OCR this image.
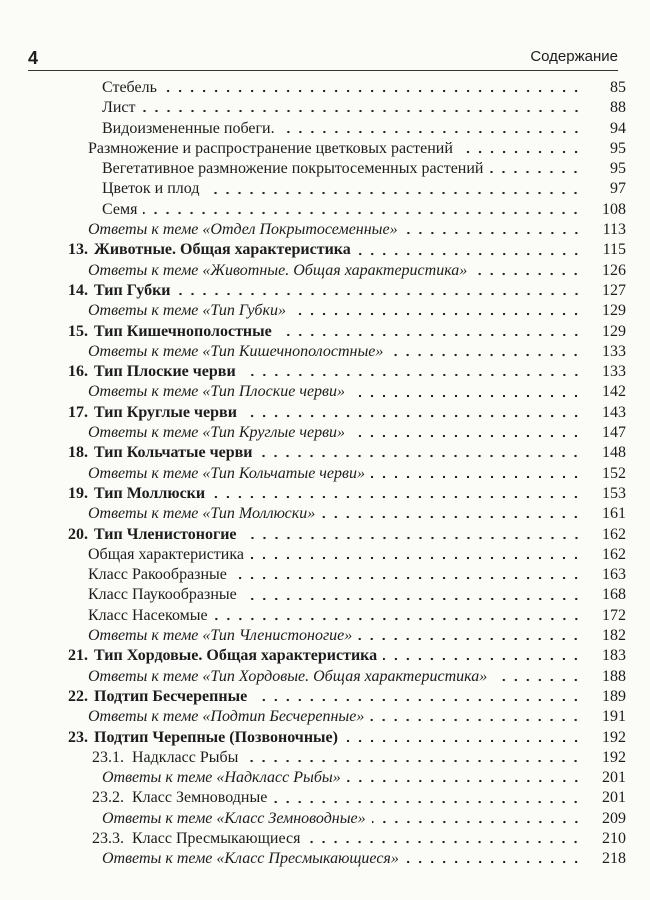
4	Содержание
Стебель	85
Лист	88
Видоизмененные побеги.	94
Размножение и распространение цветковых растений	95
Вегетативное размножение покрытосеменных растений	95
Цветок и плод	97
Семя	108
Ответы к теме «Отдел Покрытосеменные»	113
13. Животные. Общая характеристика	115
Ответы к теме «Животные. Общая характеристика»	126
14. Тип Губки	127
Ответы к теме «Тип Губки»	129
15. Тип Кишечнополостные	129
Ответы к теме «Тип Кишечнополостные»	133
16. Тип Плоские черви	133
Ответы к теме «Тип Плоские черви»	142
17. Тип Круглые черви	143
Ответы к теме «Тип Круглые черви»	147
18. Тип Кольчатые черви	148
Ответы к теме «Тип Кольчатые черви»	152
19. Тип Моллюски	153
Ответы к теме «Тип Моллюски»	161
20. Тип Членистоногие	162
Общая характеристика	162
Класс Ракообразные	163
Класс Паукообразные	168
Класс Насекомые	172
Ответы к теме «Тип Членистоногие»	182
21. Тип Хордовые. Общая характеристика	183
Ответы к теме «Тип Хордовые. Общая характеристика»	188
22. Подтип Бесчерепные	189
Ответы к теме «Подтип Бесчерепные»	191
23. Подтип Черепные (Позвоночные)	192
23.1. Надкласс Рыбы	192
Ответы к теме «Надкласс Рыбы»	201
23.2. Класс Земноводные	201
Ответы к теме «Класс Земноводные»	209
23.3. Класс Пресмыкающиеся	210
Ответы к теме «Класс Пресмыкающиеся»	218
